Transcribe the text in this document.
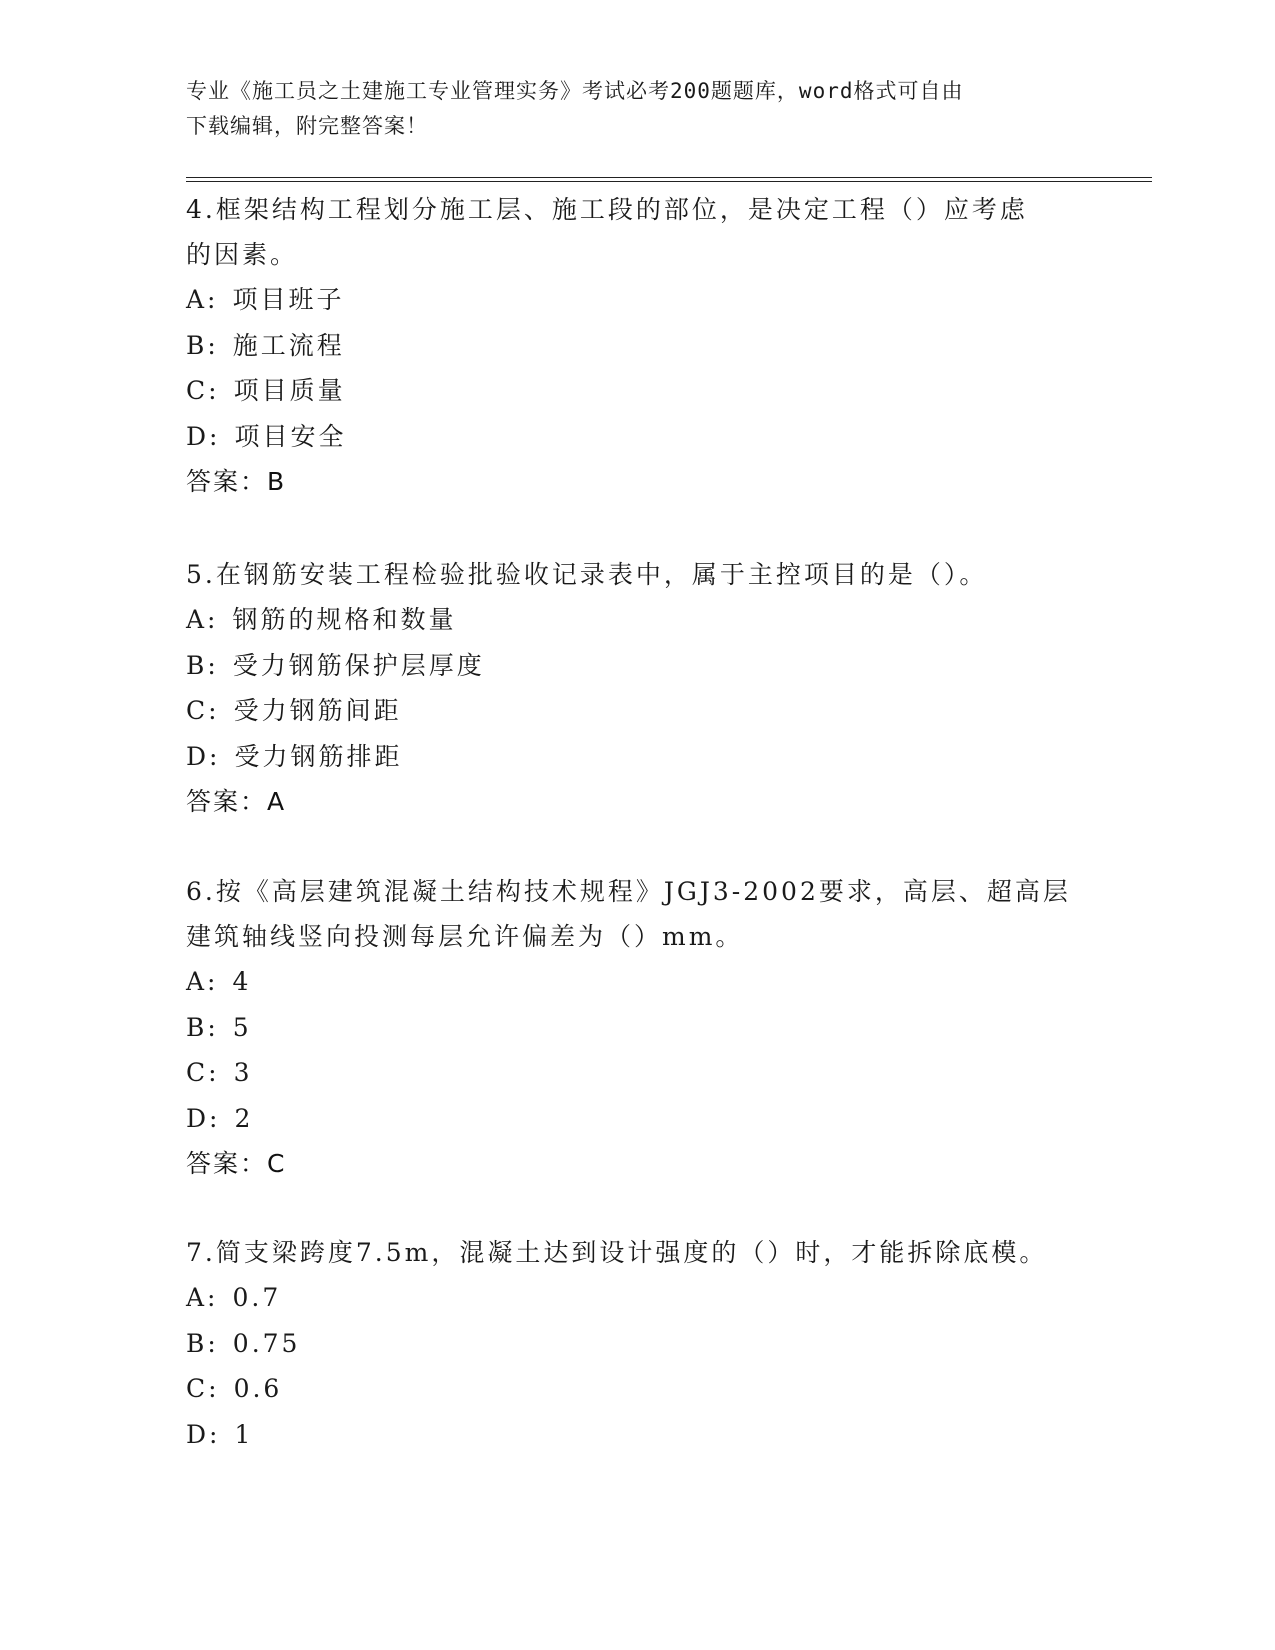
专业《施工员之土建施工专业管理实务》考试必考200题题库，word格式可自由
下载编辑，附完整答案！

4.框架结构工程划分施工层、施工段的部位，是决定工程（）应考虑
的因素。

A: 项目班子

B: 施工流程

C: 项目质量

D: 项目安全

答案：B

5.在钢筋安装工程检验批验收记录表中，属于主控项目的是（）。

A: 钢筋的规格和数量

B: 受力钢筋保护层厚度

C: 受力钢筋间距

D: 受力钢筋排距

答案：A

6.按《高层建筑混凝土结构技术规程》JGJ3-2002要求，高层、超高层
建筑轴线竖向投测每层允许偏差为（）mm。

A: 4

B: 5

C: 3

D: 2

答案：C

7.简支梁跨度7.5m，混凝土达到设计强度的（）时，才能拆除底模。

A: 0.7

B: 0.75

C: 0.6

D: 1
